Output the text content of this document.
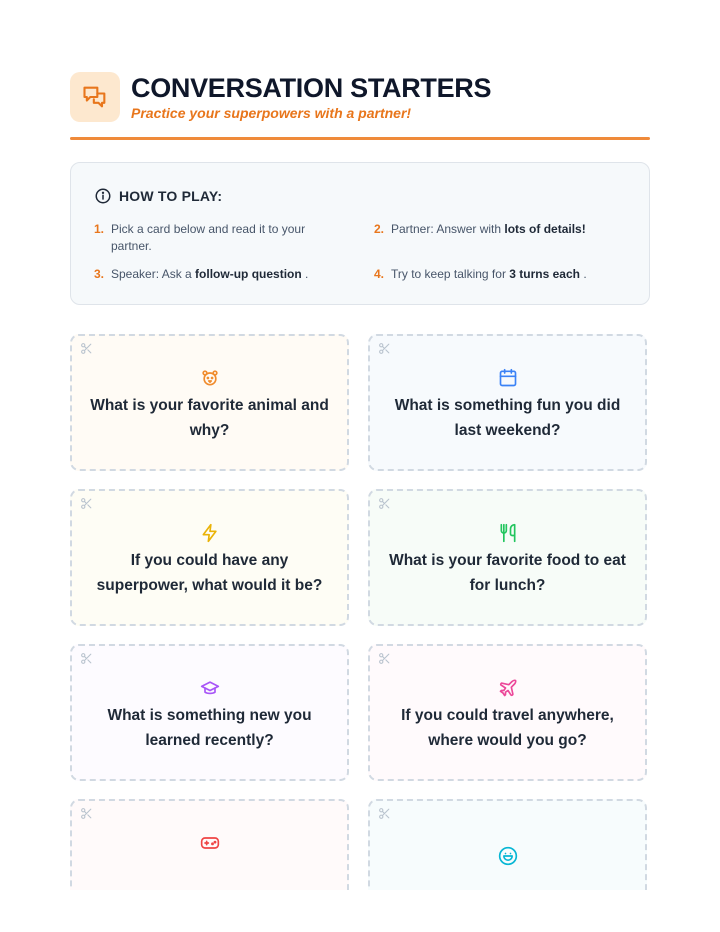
CONVERSATION STARTERS
Practice your superpowers with a partner!
HOW TO PLAY:
1. Pick a card below and read it to your partner.
2. Partner: Answer with lots of details!
3. Speaker: Ask a follow-up question .	4. Try to keep talking for 3 turns each .
What is your favorite animal and why?
What is something fun you did last weekend?
If you could have any superpower, what would it be?
What is your favorite food to eat for lunch?
What is something new you learned recently?
If you could travel anywhere, where would you go?
